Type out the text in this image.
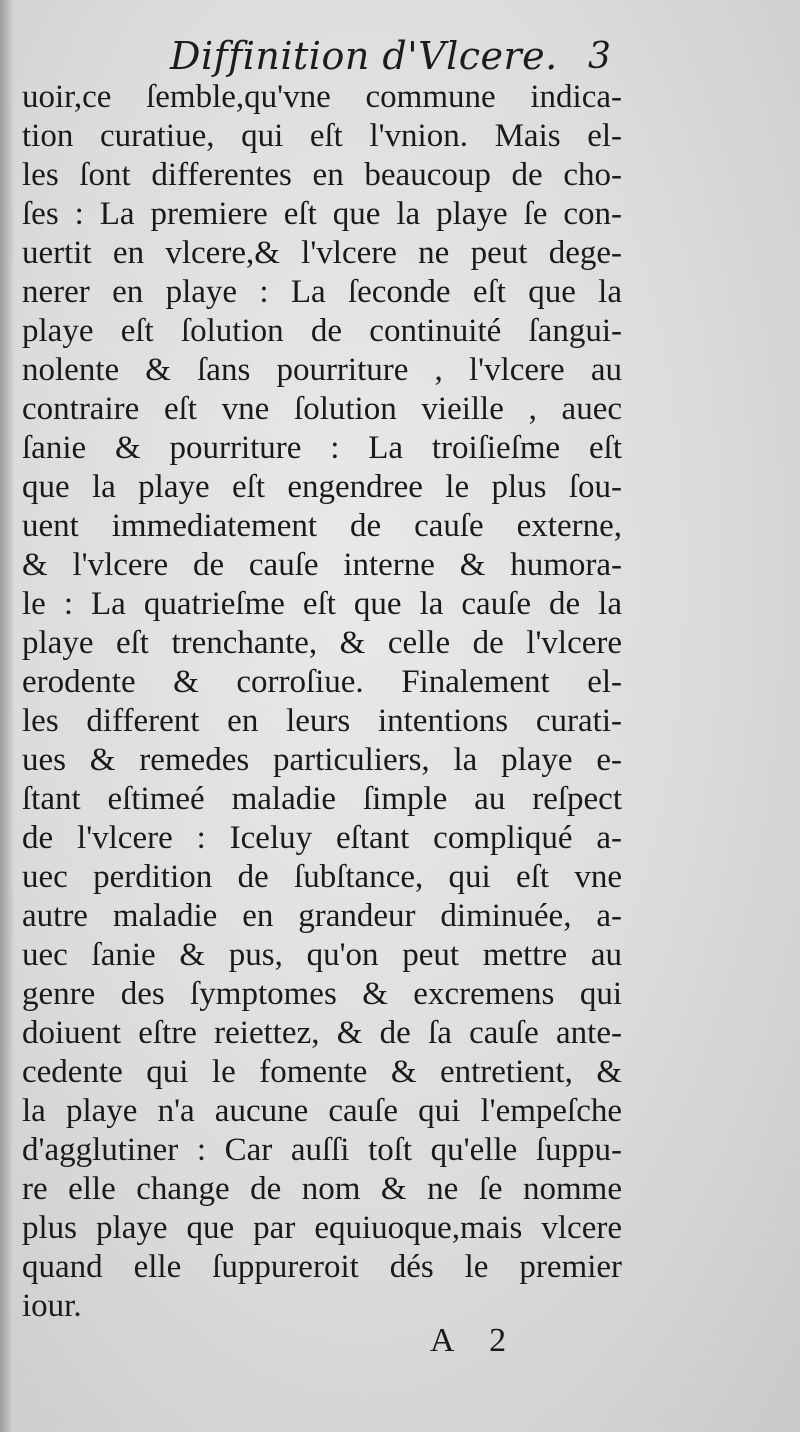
Diffinition d'Vlcere. 3
uoir,ce ſemble,qu'vne commune indica-
tion curatiue, qui eſt l'vnion. Mais el-
les ſont differentes en beaucoup de cho-
ſes : La premiere eſt que la playe ſe con-
uertit en vlcere,& l'vlcere ne peut dege-
nerer en playe : La ſeconde eſt que la
playe eſt ſolution de continuité ſangui-
nolente & ſans pourriture , l'vlcere au
contraire eſt vne ſolution vieille , auec
ſanie & pourriture : La troiſieſme eſt
que la playe eſt engendree le plus ſou-
uent immediatement de cauſe externe,
& l'vlcere de cauſe interne & humora-
le : La quatrieſme eſt que la cauſe de la
playe eſt trenchante, & celle de l'vlcere
erodente & corroſiue. Finalement el-
les different en leurs intentions curati-
ues & remedes particuliers, la playe e-
ſtant eſtimeé maladie ſimple au reſpect
de l'vlcere : Iceluy eſtant compliqué a-
uec perdition de ſubſtance, qui eſt vne
autre maladie en grandeur diminuée, a-
uec ſanie & pus, qu'on peut mettre au
genre des ſymptomes & excremens qui
doiuent eſtre reiettez, & de ſa cauſe ante-
cedente qui le fomente & entretient, &
la playe n'a aucune cauſe qui l'empeſche
d'agglutiner : Car auſſi toſt qu'elle ſuppu-
re elle change de nom & ne ſe nomme
plus playe que par equiuoque,mais vlcere
quand elle ſuppureroit dés le premier
iour.
A 2
